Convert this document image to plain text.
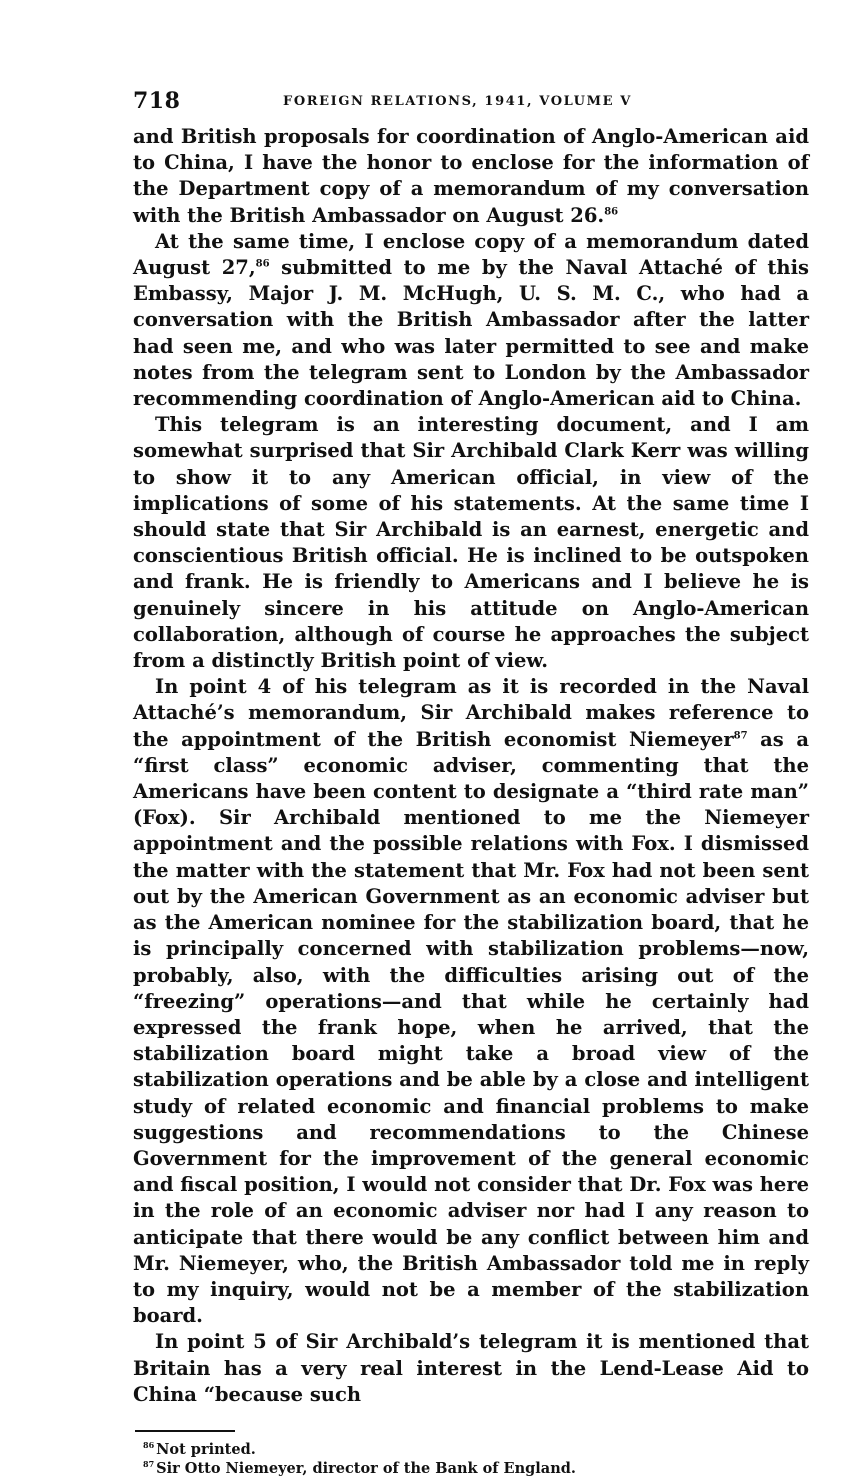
718	FOREIGN RELATIONS, 1941, VOLUME V

and British proposals for coordination of Anglo-American aid to China, I have the honor to enclose for the information of the Department copy of a memorandum of my conversation with the British Ambassador on August 26.86

At the same time, I enclose copy of a memorandum dated August 27,86 submitted to me by the Naval Attaché of this Embassy, Major J. M. McHugh, U. S. M. C., who had a conversation with the British Ambassador after the latter had seen me, and who was later permitted to see and make notes from the telegram sent to London by the Ambassador recommending coordination of Anglo-American aid to China.

This telegram is an interesting document, and I am somewhat surprised that Sir Archibald Clark Kerr was willing to show it to any American official, in view of the implications of some of his statements. At the same time I should state that Sir Archibald is an earnest, energetic and conscientious British official. He is inclined to be outspoken and frank. He is friendly to Americans and I believe he is genuinely sincere in his attitude on Anglo-American collaboration, although of course he approaches the subject from a distinctly British point of view.

In point 4 of his telegram as it is recorded in the Naval Attaché’s memorandum, Sir Archibald makes reference to the appointment of the British economist Niemeyer$^{87}$ as a “first class” economic adviser, commenting that the Americans have been content to designate a “third rate man” (Fox). Sir Archibald mentioned to me the Niemeyer appointment and the possible relations with Fox. I dismissed the matter with the statement that Mr. Fox had not been sent out by the American Government as an economic adviser but as the American nominee for the stabilization board, that he is principally concerned with stabilization problems—now, probably, also, with the difficulties arising out of the “freezing” operations—and that while he certainly had expressed the frank hope, when he arrived, that the stabilization board might take a broad view of the stabilization operations and be able by a close and intelligent study of related economic and financial problems to make suggestions and recommendations to the Chinese Government for the improvement of the general economic and fiscal position, I would not consider that Dr. Fox was here in the role of an economic adviser nor had I any reason to anticipate that there would be any conflict between him and Mr. Niemeyer, who, the British Ambassador told me in reply to my inquiry, would not be a member of the stabilization board.

In point 5 of Sir Archibald’s telegram it is mentioned that Britain has a very real interest in the Lend-Lease Aid to China “because such

$^{86}$ Not printed.

$^{87}$ Sir Otto Niemeyer, director of the Bank of England.
